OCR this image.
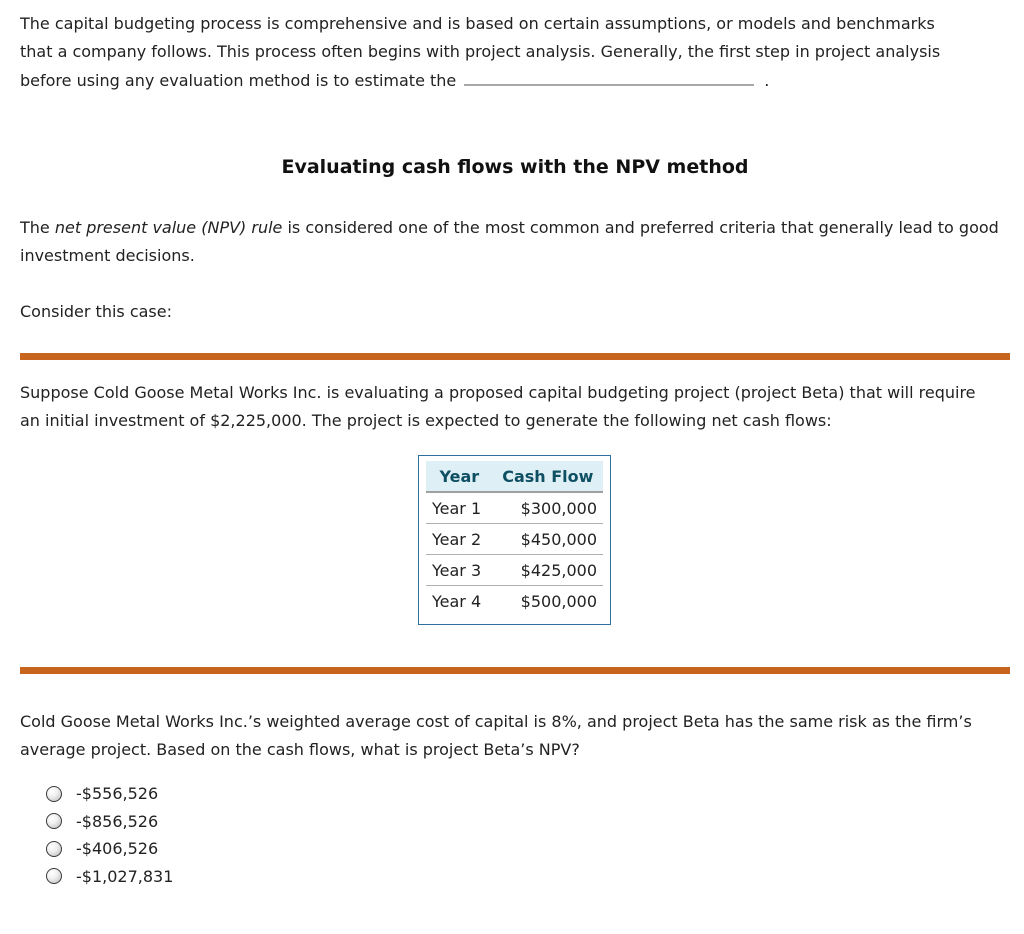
The capital budgeting process is comprehensive and is based on certain assumptions, or models and benchmarks
that a company follows. This process often begins with project analysis. Generally, the first step in project analysis
before using any evaluation method is to estimate the	.
Evaluating cash flows with the NPV method
The net present value (NPV) rule is considered one of the most common and preferred criteria that generally lead to good investment decisions.
Consider this case:
Suppose Cold Goose Metal Works Inc. is evaluating a proposed capital budgeting project (project Beta) that will require an initial investment of $2,225,000. The project is expected to generate the following net cash flows:
Year	Cash Flow
Year 1	$300,000
Year 2	$450,000
Year 3	$425,000
Year 4	$500,000
Cold Goose Metal Works Inc.’s weighted average cost of capital is 8%, and project Beta has the same risk as the firm’s average project. Based on the cash flows, what is project Beta’s NPV?
-$556,526
-$856,526
-$406,526
-$1,027,831
